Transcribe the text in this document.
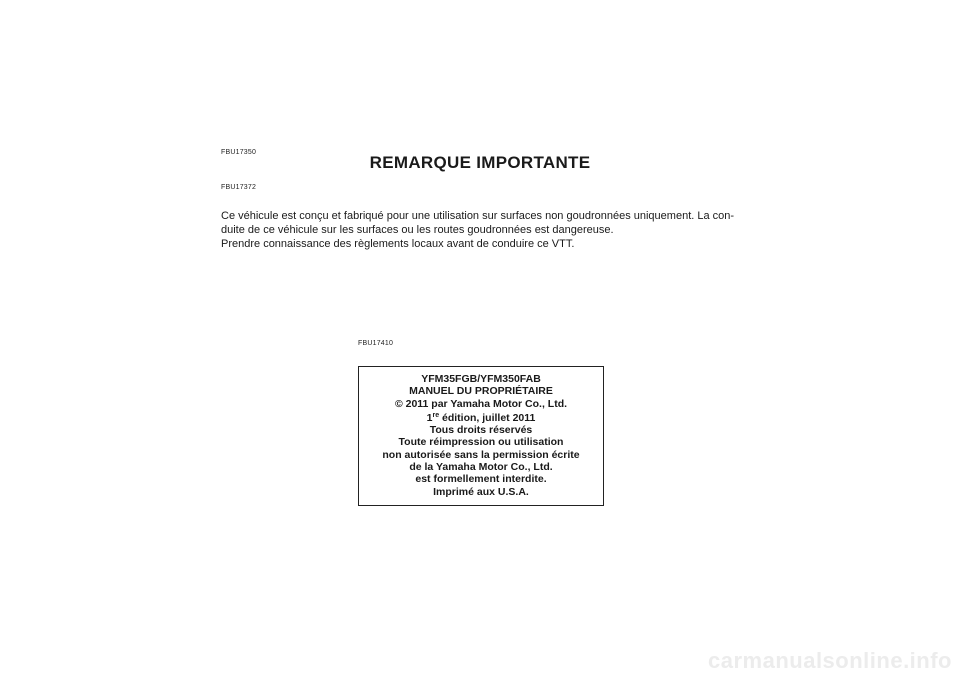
FBU17350
REMARQUE IMPORTANTE
FBU17372

Ce véhicule est conçu et fabriqué pour une utilisation sur surfaces non goudronnées uniquement. La con-duite de ce véhicule sur les surfaces ou les routes goudronnées est dangereuse.

Prendre connaissance des règlements locaux avant de conduire ce VTT.

FBU17410
YFM35FGB/YFM350FAB
MANUEL DU PROPRIÉTAIRE
© 2011 par Yamaha Motor Co., Ltd.
1re édition, juillet 2011
Tous droits réservés
Toute réimpression ou utilisation
non autorisée sans la permission écrite
de la Yamaha Motor Co., Ltd.
est formellement interdite.
Imprimé aux U.S.A.
carmanualsonline.info
